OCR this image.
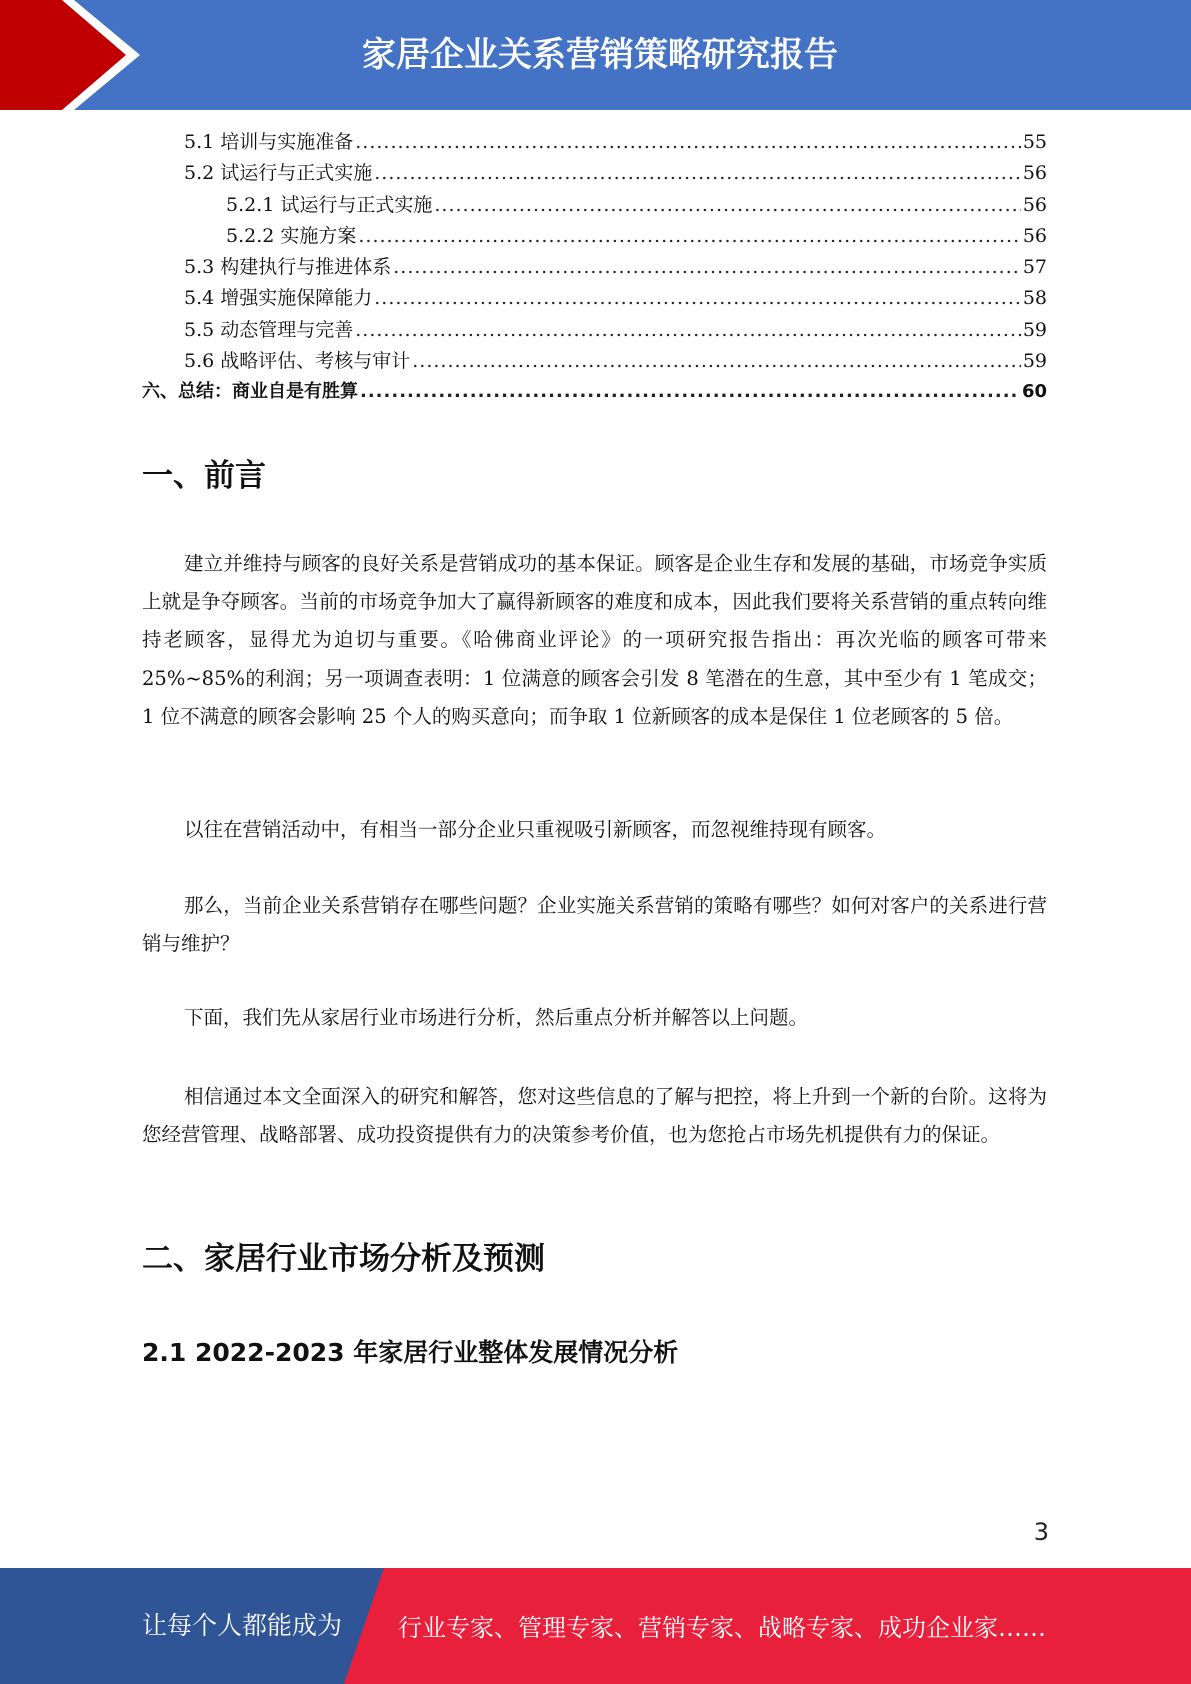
家居企业关系营销策略研究报告
5.1 培训与实施准备 .....	55
5.2 试运行与正式实施 .....	56
5.2.1 试运行与正式实施 .....	56
5.2.2 实施方案 .....	56
5.3 构建执行与推进体系 .....	57
5.4 增强实施保障能力 .....	58
5.5 动态管理与完善 .....	59
5.6 战略评估、考核与审计 .....	59
六、总结：商业自是有胜算 .....	60
一、前言

建立并维持与顾客的良好关系是营销成功的基本保证。顾客是企业生存和发展的基础，市场竞争实质上就是争夺顾客。当前的市场竞争加大了赢得新顾客的难度和成本，因此我们要将关系营销的重点转向维持老顾客，显得尤为迫切与重要。《哈佛商业评论》的一项研究报告指出：再次光临的顾客可带来 25%~85%的利润；另一项调查表明：1 位满意的顾客会引发 8 笔潜在的生意，其中至少有 1 笔成交；1 位不满意的顾客会影响 25 个人的购买意向；而争取 1 位新顾客的成本是保住 1 位老顾客的 5 倍。

以往在营销活动中，有相当一部分企业只重视吸引新顾客，而忽视维持现有顾客。

那么，当前企业关系营销存在哪些问题？企业实施关系营销的策略有哪些？如何对客户的关系进行营销与维护？

下面，我们先从家居行业市场进行分析，然后重点分析并解答以上问题。

相信通过本文全面深入的研究和解答，您对这些信息的了解与把控，将上升到一个新的台阶。这将为您经营管理、战略部署、成功投资提供有力的决策参考价值，也为您抢占市场先机提供有力的保证。

二、家居行业市场分析及预测
2.1 2022-2023 年家居行业整体发展情况分析
3
让每个人都能成为 行业专家、管理专家、营销专家、战略专家、成功企业家……
